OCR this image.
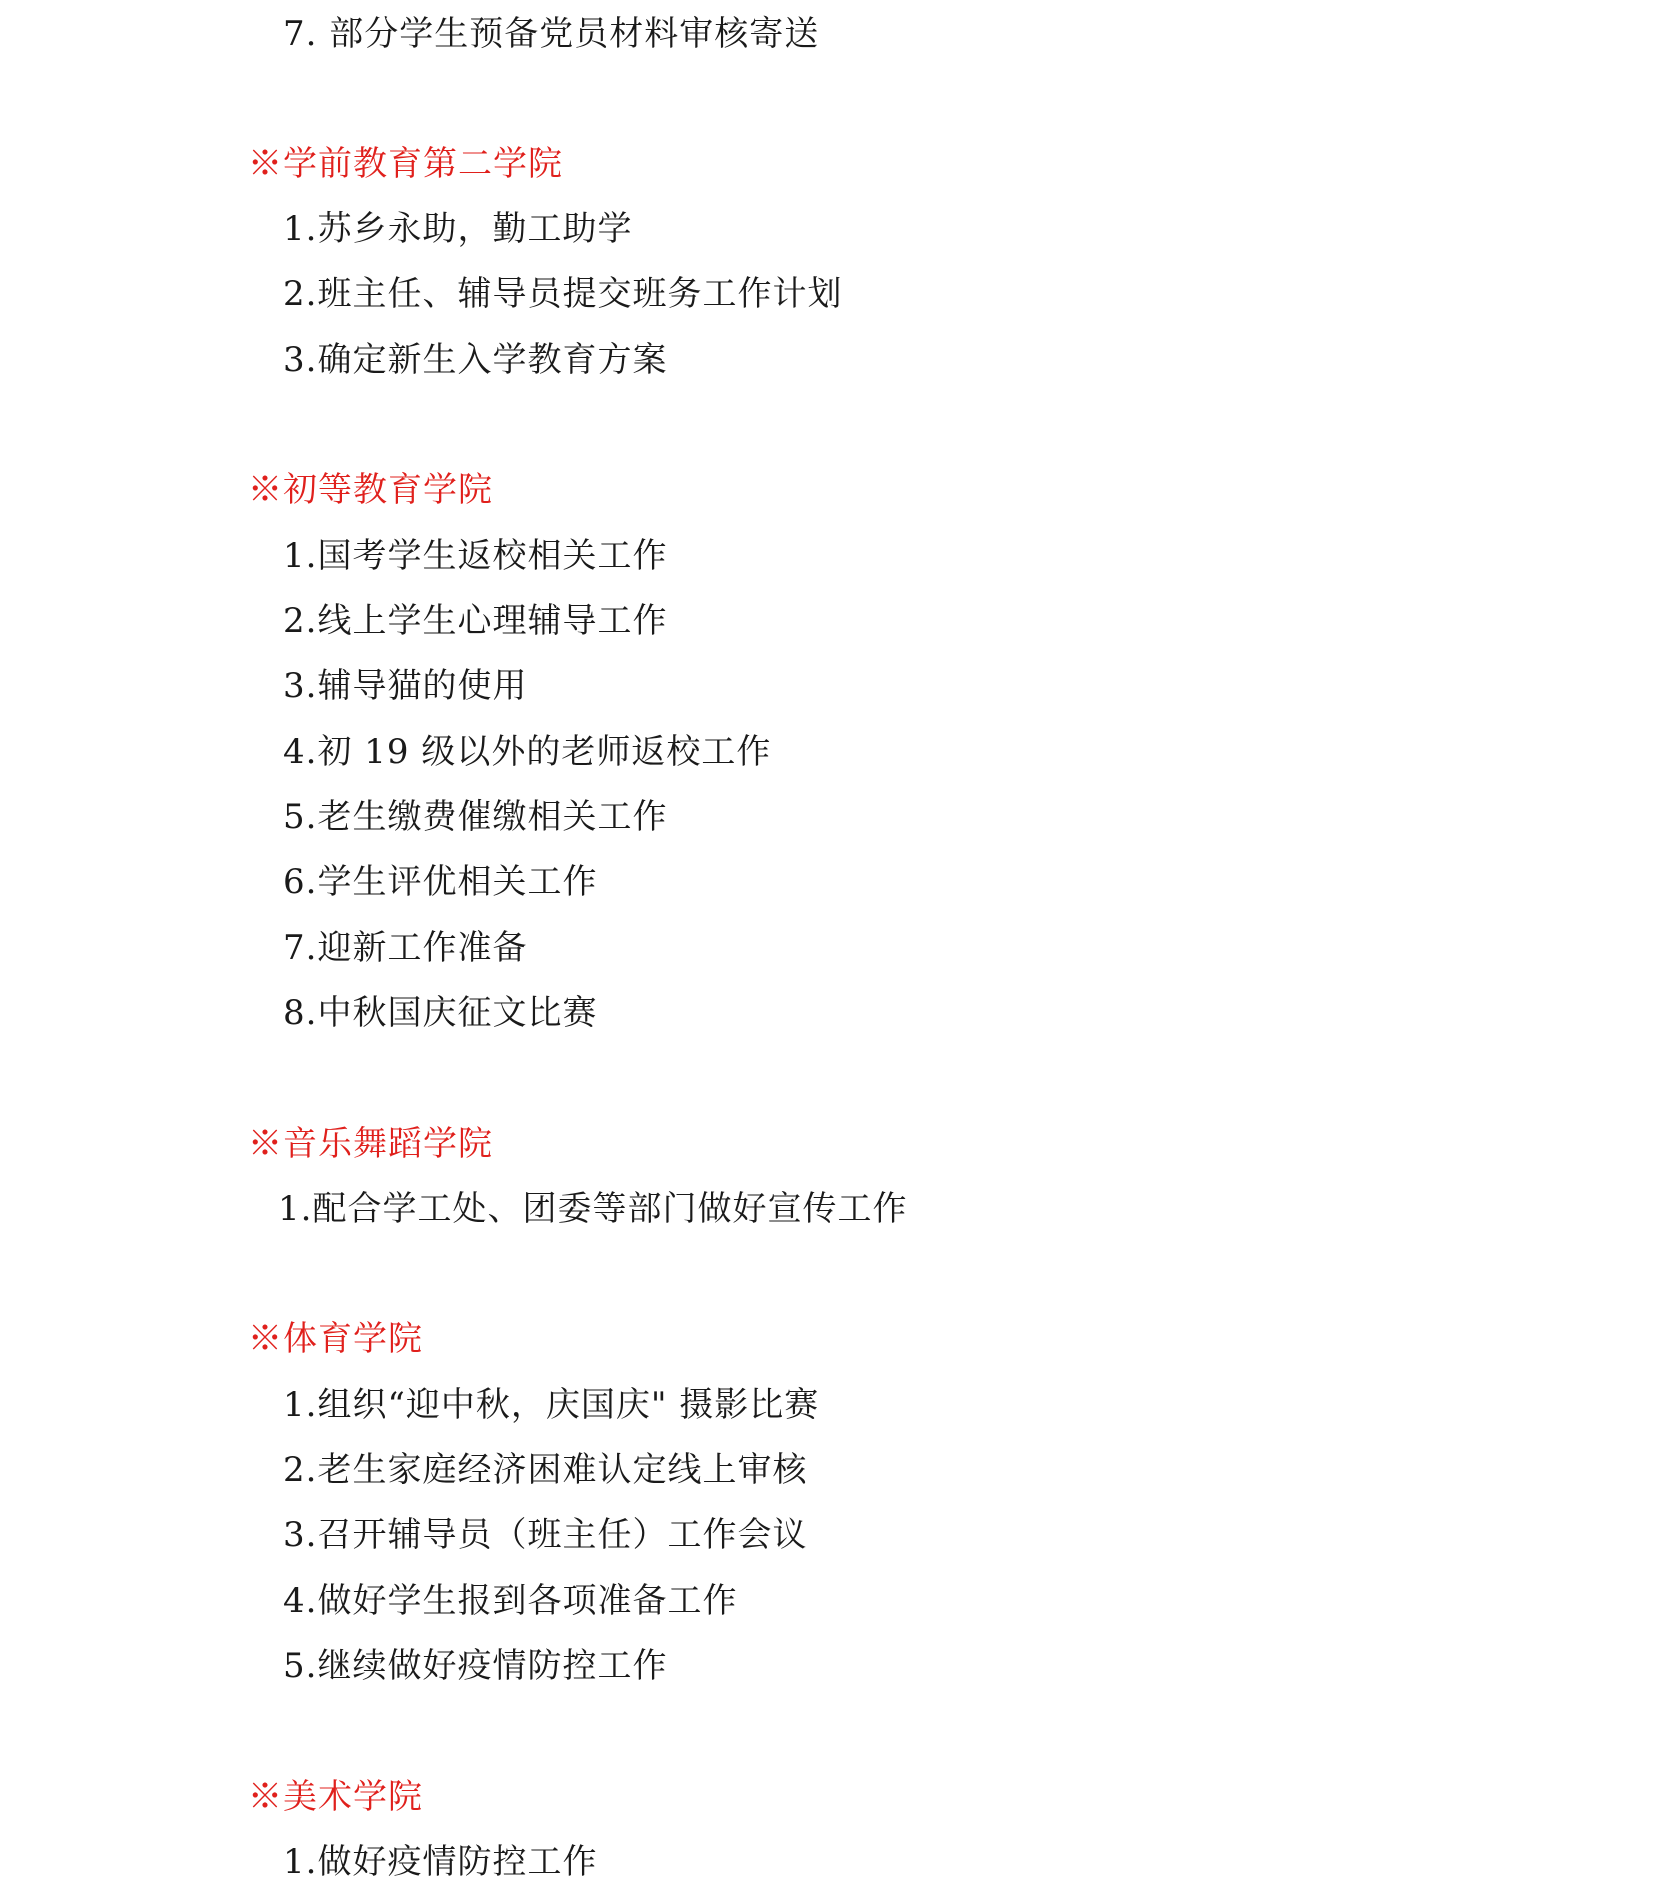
7. 部分学生预备党员材料审核寄送
※学前教育第二学院
1.苏乡永助，勤工助学
2.班主任、辅导员提交班务工作计划
3.确定新生入学教育方案
※初等教育学院
1.国考学生返校相关工作
2.线上学生心理辅导工作
3.辅导猫的使用
4.初 19 级以外的老师返校工作
5.老生缴费催缴相关工作
6.学生评优相关工作
7.迎新工作准备
8.中秋国庆征文比赛
※音乐舞蹈学院
1.配合学工处、团委等部门做好宣传工作
※体育学院
1.组织“迎中秋，庆国庆" 摄影比赛
2.老生家庭经济困难认定线上审核
3.召开辅导员（班主任）工作会议
4.做好学生报到各项准备工作
5.继续做好疫情防控工作
※美术学院
1.做好疫情防控工作
